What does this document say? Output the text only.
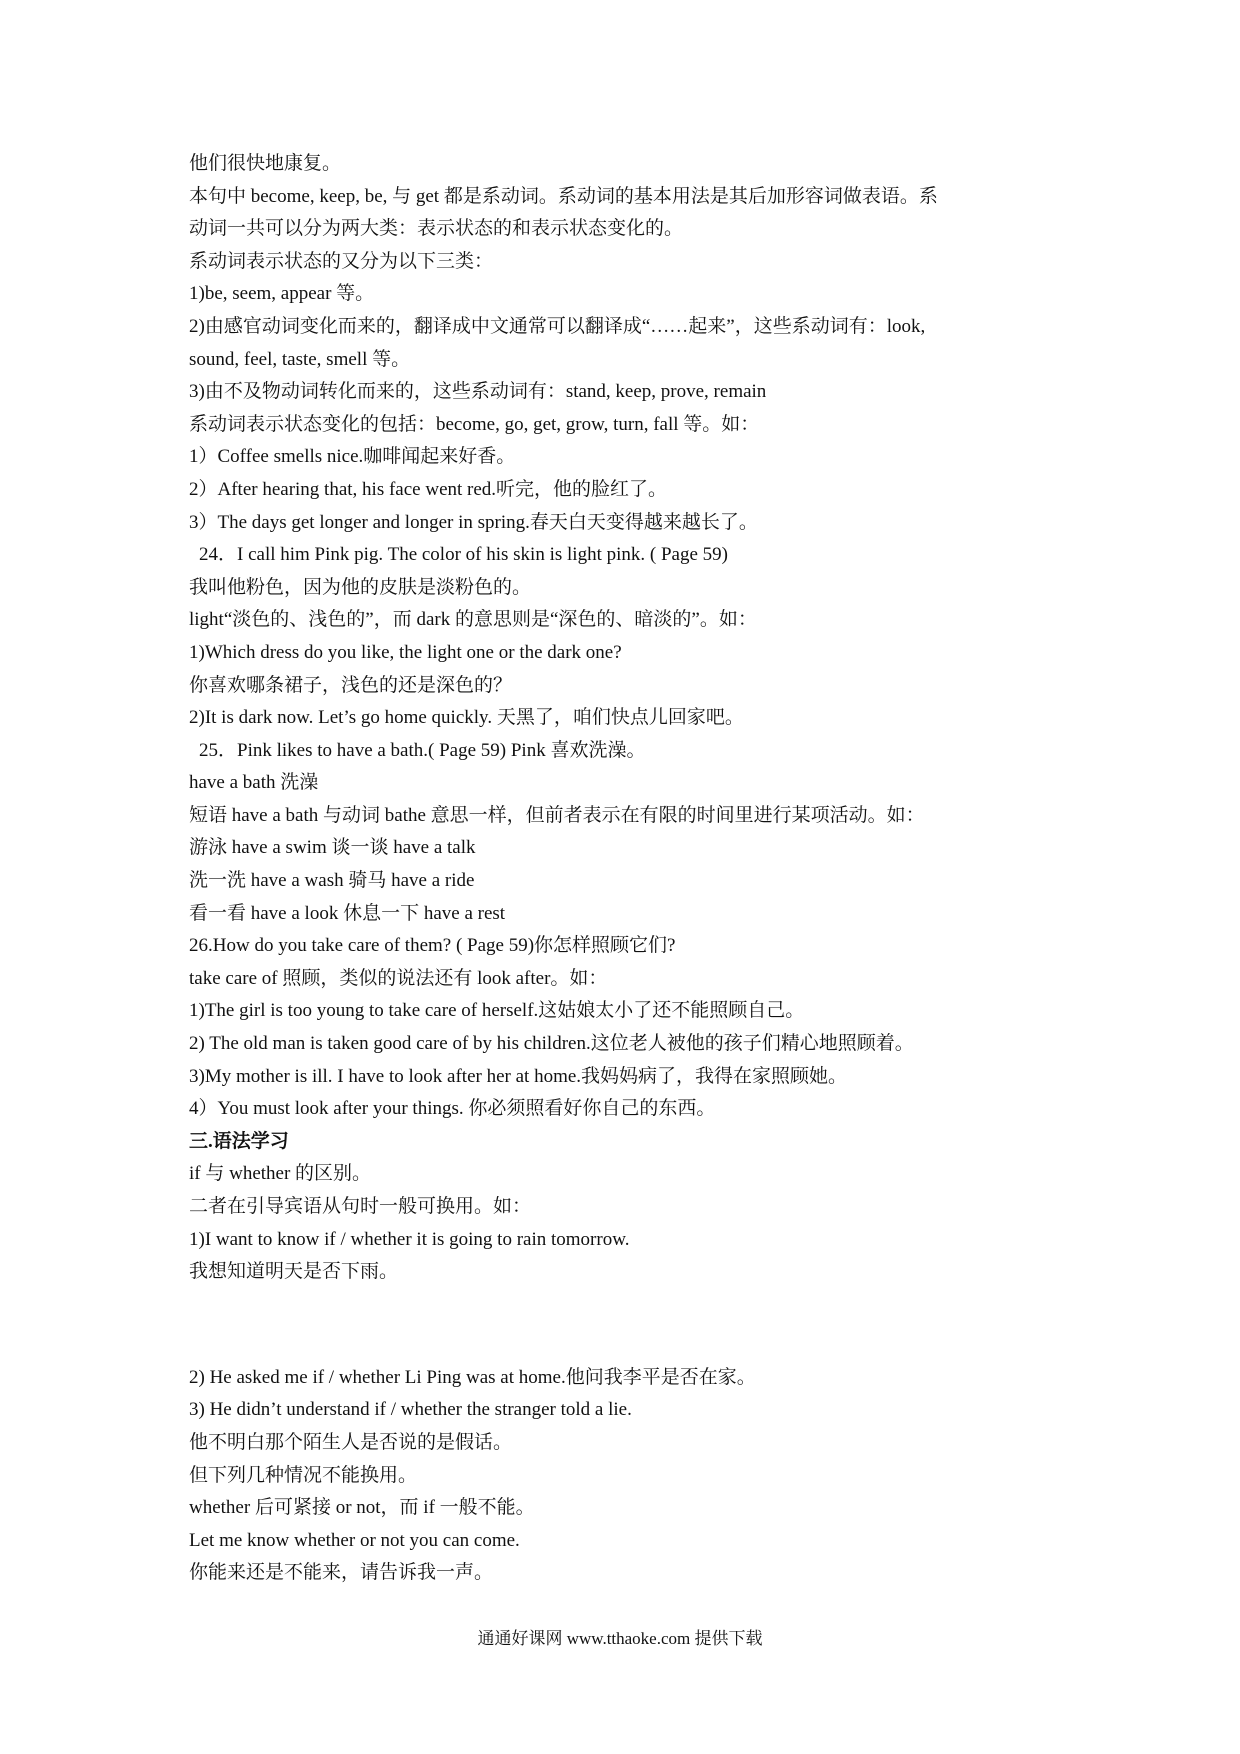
他们很快地康复。
本句中 become, keep, be, 与 get 都是系动词。系动词的基本用法是其后加形容词做表语。系
动词一共可以分为两大类：表示状态的和表示状态变化的。
系动词表示状态的又分为以下三类：
1)be, seem, appear 等。
2)由感官动词变化而来的，翻译成中文通常可以翻译成“……起来”，这些系动词有：look,
sound, feel, taste, smell 等。
3)由不及物动词转化而来的，这些系动词有：stand, keep, prove, remain
系动词表示状态变化的包括：become, go, get, grow, turn, fall 等。如：
1）Coffee smells nice.咖啡闻起来好香。
2）After hearing that, his face went red.听完，他的脸红了。
3）The days get longer and longer in spring.春天白天变得越来越长了。
24．I call him Pink pig. The color of his skin is light pink. ( Page 59)
我叫他粉色，因为他的皮肤是淡粉色的。
light“淡色的、浅色的”，而 dark 的意思则是“深色的、暗淡的”。如：
1)Which dress do you like, the light one or the dark one?
你喜欢哪条裙子，浅色的还是深色的？
2)It is dark now. Let’s go home quickly. 天黑了，咱们快点儿回家吧。
25．Pink likes to have a bath.( Page 59) Pink 喜欢洗澡。
have a bath 洗澡
短语 have a bath 与动词 bathe 意思一样，但前者表示在有限的时间里进行某项活动。如：
游泳 have a swim 谈一谈 have a talk
洗一洗 have a wash 骑马 have a ride
看一看 have a look 休息一下 have a rest
26.How do you take care of them? ( Page 59)你怎样照顾它们?
take care of 照顾，类似的说法还有 look after。如：
1)The girl is too young to take care of herself.这姑娘太小了还不能照顾自己。
2) The old man is taken good care of by his children.这位老人被他的孩子们精心地照顾着。
3)My mother is ill. I have to look after her at home.我妈妈病了，我得在家照顾她。
4）You must look after your things. 你必须照看好你自己的东西。
三.语法学习
if 与 whether 的区别。
二者在引导宾语从句时一般可换用。如：
1)I want to know if / whether it is going to rain tomorrow.
我想知道明天是否下雨。
2) He asked me if / whether Li Ping was at home.他问我李平是否在家。
3) He didn’t understand if / whether the stranger told a lie.
他不明白那个陌生人是否说的是假话。
但下列几种情况不能换用。
whether 后可紧接 or not，而 if 一般不能。
Let me know whether or not you can come.
你能来还是不能来，请告诉我一声。
通通好课网 www.tthaoke.com 提供下载
